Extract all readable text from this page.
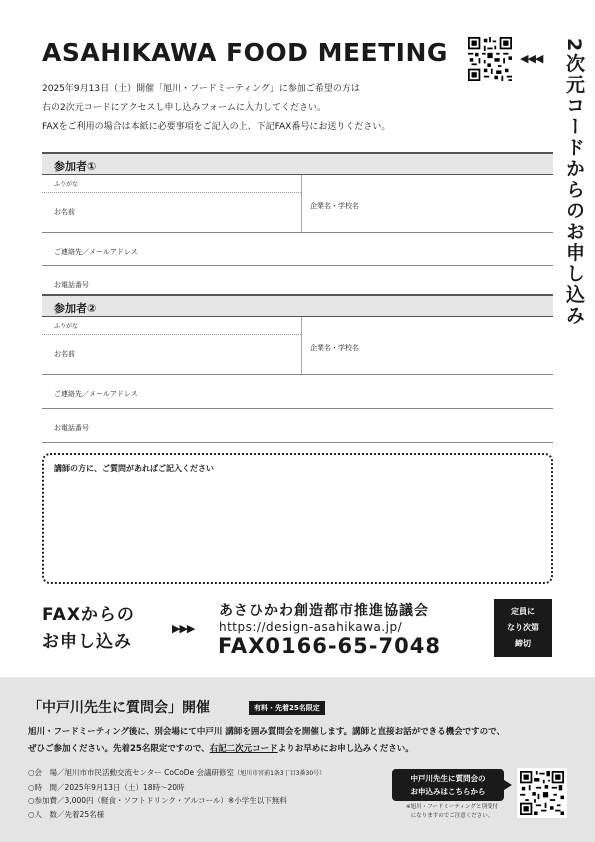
ASAHIKAWA FOOD MEETING	◀◀◀ 2次元コードからのお申し込み
2025年9月13日（土）開催「旭川・フードミーティング」に参加ご希望の方は
右の2次元コードにアクセスし申し込みフォームに入力してください。
FAXをご利用の場合は本紙に必要事項をご記入の上、下記FAX番号にお送りください。
参加者①
ふりがな
お名前
企業名・学校名
ご連絡先／メールアドレス
お電話番号
参加者②
ふりがな
お名前
企業名・学校名
ご連絡先／メールアドレス
お電話番号
講師の方に、ご質問があればご記入ください
FAXからの
お申し込み
▶▶▶
あさひかわ創造都市推進協議会
https://design-asahikawa.jp/
FAX0166-65-7048
定員に
なり次第
締切
「中戸川先生に質問会」開催	有料・先着25名限定
旭川・フードミーティング後に、別会場にて中戸川 講師を囲み質問会を開催します。講師と直接お話ができる機会ですので、
ぜひご参加ください。先着25名限定ですので、右記二次元コードよりお早めにお申し込みください。
○会　場／旭川市市民活動交流センター CoCoDe 会議研修室（旭川市宮前1条3丁目3番30号）
○時　間／2025年9月13日（土）18時〜20時
○参加費／3,000円（軽食・ソフトドリンク・アルコール）※小学生以下無料
○人　数／先着25名様
中戸川先生に質問会の
お申込みはこちらから
※旭川・フードミーティングと別受付
になりますのでご注意ください。
